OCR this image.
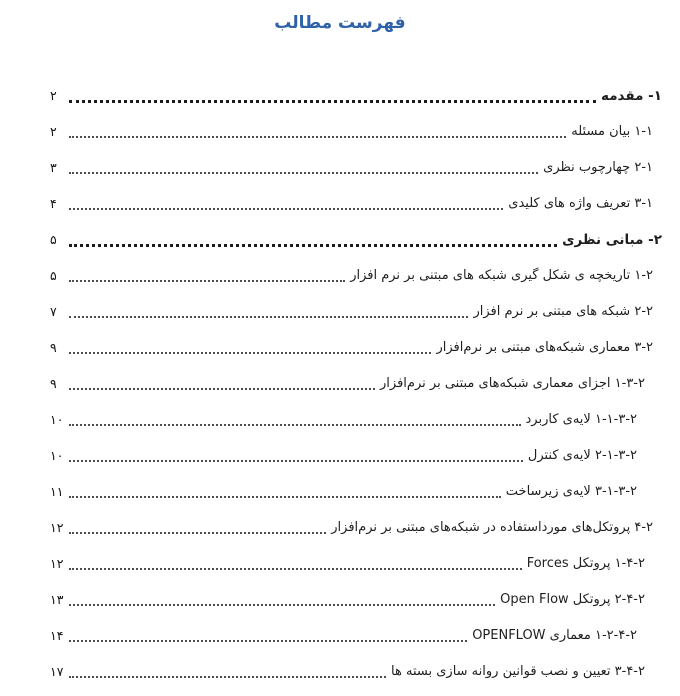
فهرست مطالب
۱- مقدمه
۲
۱-۱ بیان مسئله
۲
۲-۱ چهارچوب نظری
۳
۳-۱ تعریف واژه های کلیدی
۴
۲- مبانی نظری
۵
۱-۲ تاریخچه ی شکل گیری شبکه های مبتنی بر نرم افزار
۵
۲-۲ شبکه های مبتنی بر نرم افزار
۷
۳-۲ معماری شبکه‌های مبتنی بر نرم‌افزار
۹
۱-۳-۲ اجزای معماری شبکه‌های مبتنی بر نرم‌افزار
۹
۱-۱-۳-۲ لایه‌ی کاربرد
۱۰
۲-۱-۳-۲ لایه‌ی کنترل
۱۰
۳-۱-۳-۲ لایه‌ی زیرساخت
۱۱
۴-۲ پروتکل‌های مورداستفاده در شبکه‌های مبتنی بر نرم‌افزار
۱۲
۱-۴-۲ پروتکل Forces
۱۲
۲-۴-۲ پروتکل Open Flow
۱۳
۱-۲-۴-۲ معماری OPENFLOW
۱۴
۳-۴-۲ تعیین و نصب قوانین روانه سازی بسته ها
۱۷
